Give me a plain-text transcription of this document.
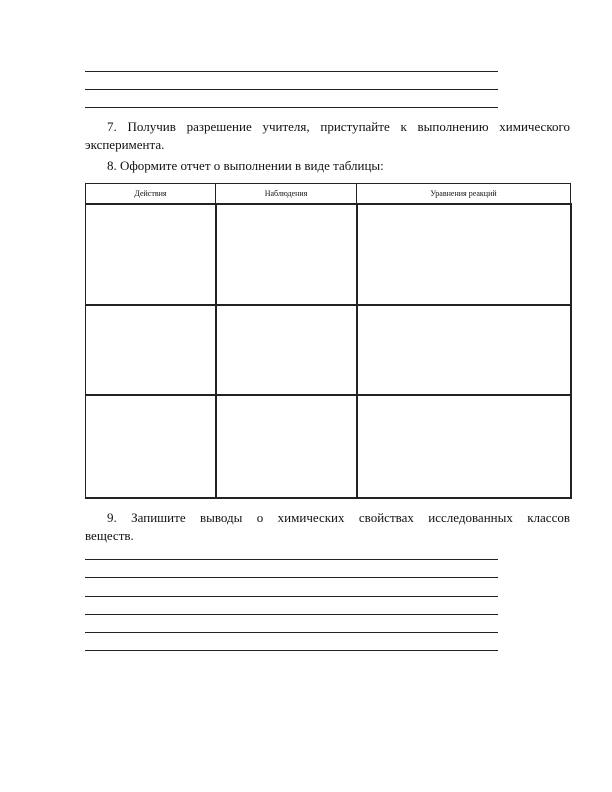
7. Получив разрешение учителя, приступайте к выполнению химического
эксперимента.
8. Оформите отчет о выполнении в виде таблицы:
Действия	Наблюдения	Уравнения реакций

9. Запишите выводы о химических свойствах исследованных классов
веществ.
